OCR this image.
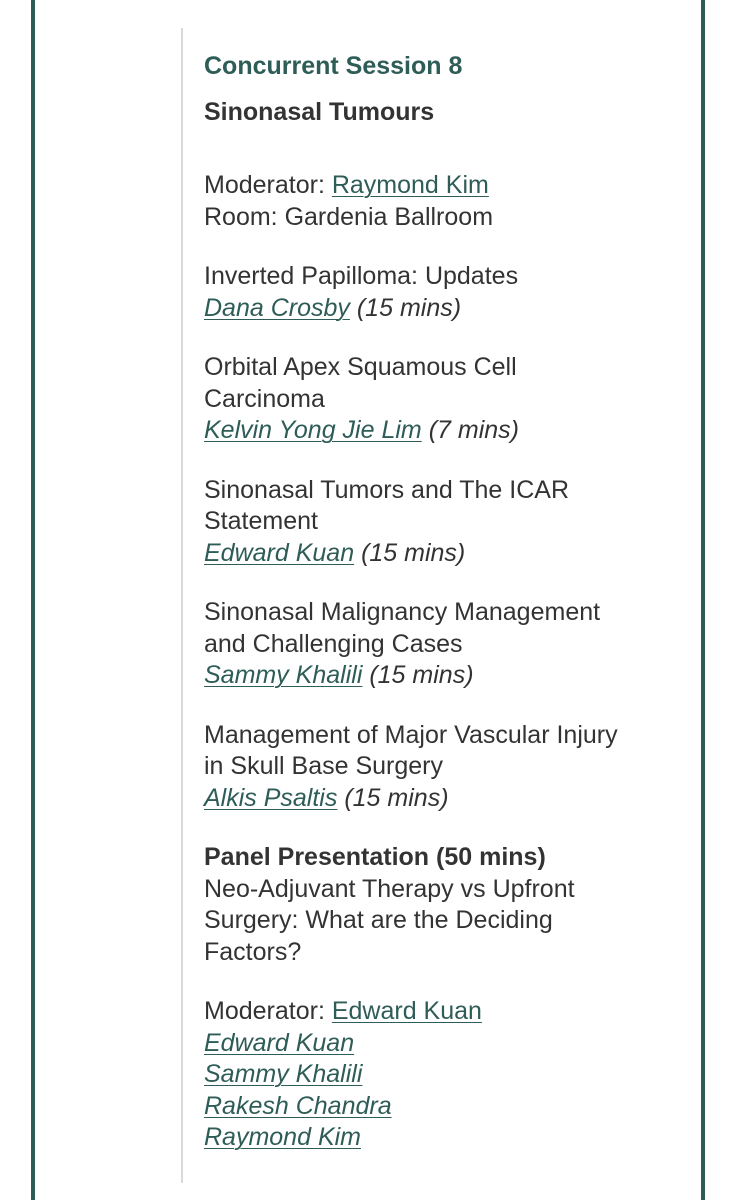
Concurrent Session 8
Sinonasal Tumours
Moderator: Raymond Kim
Room: Gardenia Ballroom
Inverted Papilloma: Updates
Dana Crosby (15 mins)
Orbital Apex Squamous Cell
Carcinoma
Kelvin Yong Jie Lim (7 mins)
Sinonasal Tumors and The ICAR
Statement
Edward Kuan (15 mins)
Sinonasal Malignancy Management
and Challenging Cases
Sammy Khalili (15 mins)
Management of Major Vascular Injury
in Skull Base Surgery
Alkis Psaltis (15 mins)
Panel Presentation (50 mins)
Neo-Adjuvant Therapy vs Upfront
Surgery: What are the Deciding
Factors?
Moderator: Edward Kuan
Edward Kuan
Sammy Khalili
Rakesh Chandra
Raymond Kim
